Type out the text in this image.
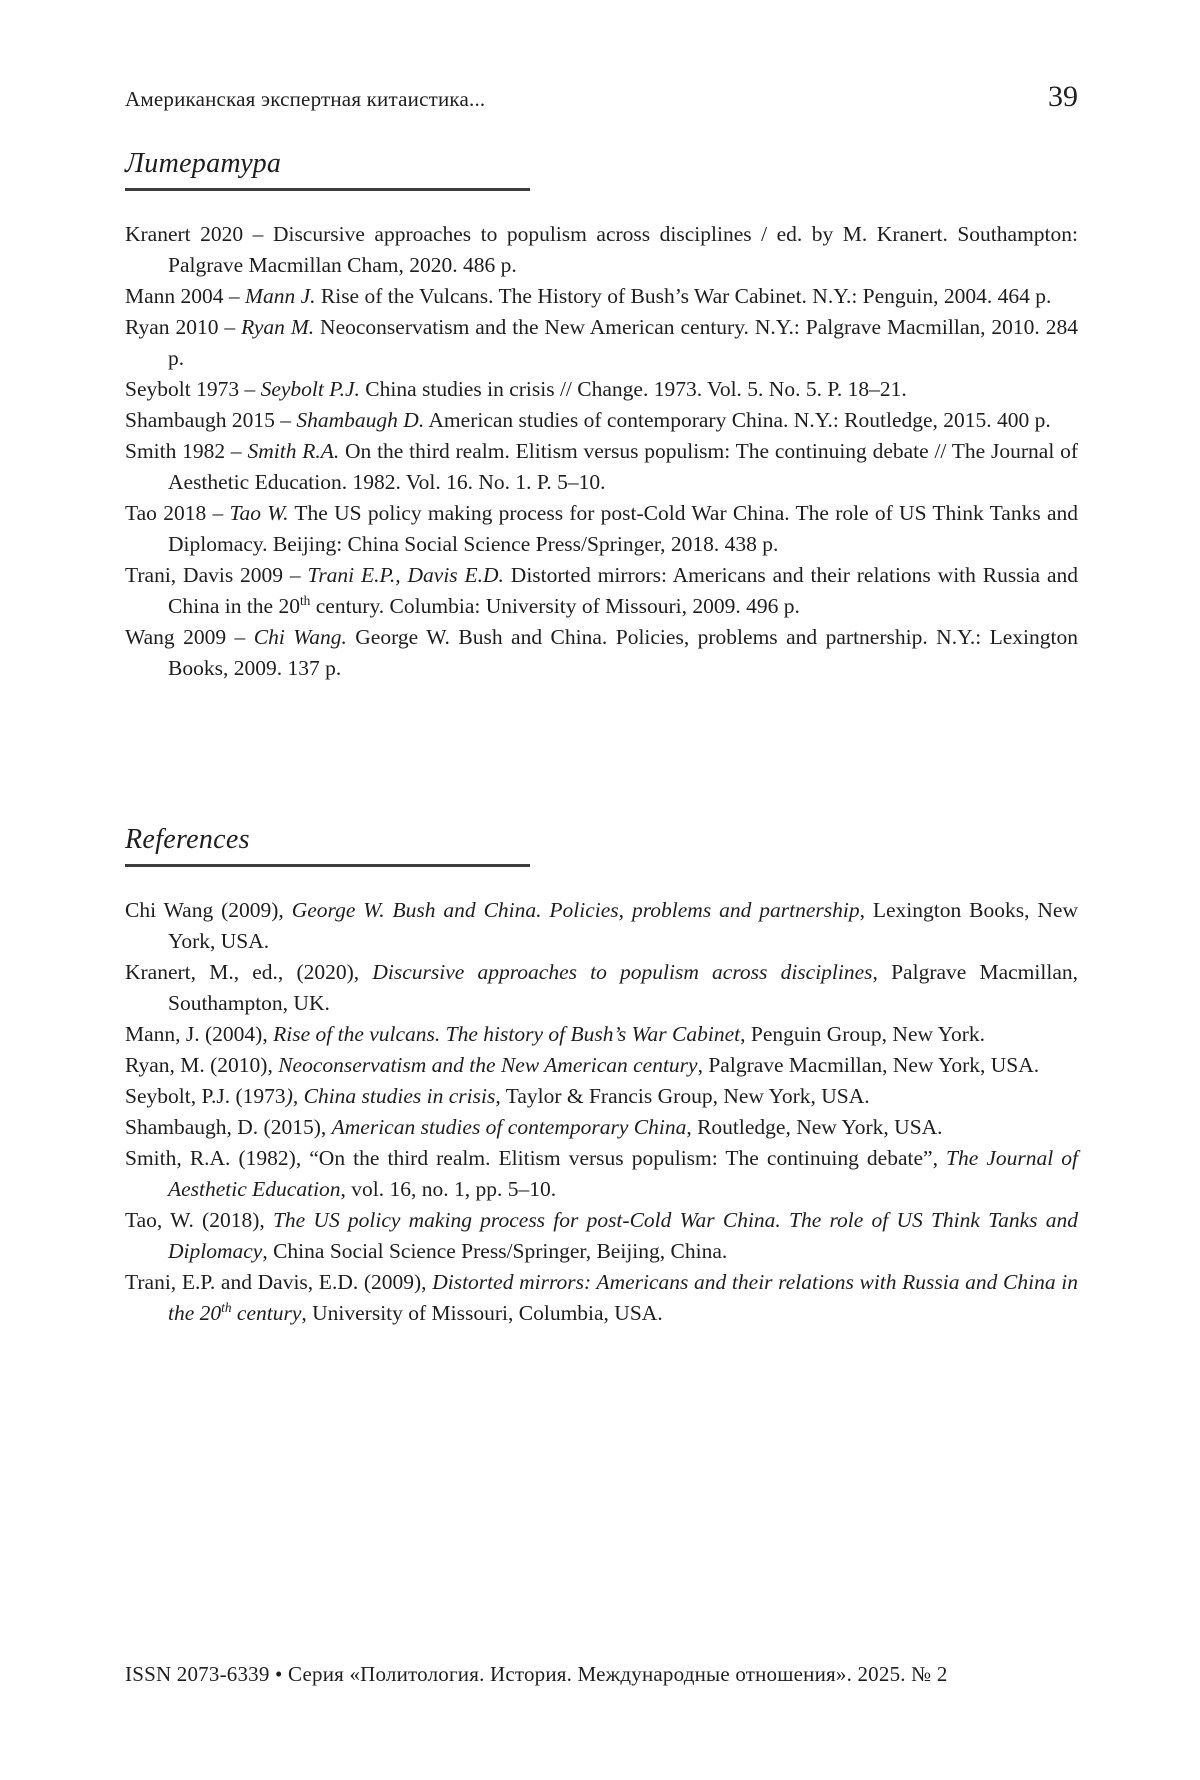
Американская экспертная китаистика...	39
Литература

Kranert 2020 – Discursive approaches to populism across disciplines / ed. by M. Kranert. Southampton: Palgrave Macmillan Cham, 2020. 486 p.

Mann 2004 – Mann J. Rise of the Vulcans. The History of Bush’s War Cabinet. N.Y.: Penguin, 2004. 464 p.

Ryan 2010 – Ryan M. Neoconservatism and the New American century. N.Y.: Palgrave Macmillan, 2010. 284 p.

Seybolt 1973 – Seybolt P.J. China studies in crisis // Change. 1973. Vol. 5. No. 5. P. 18–21.

Shambaugh 2015 – Shambaugh D. American studies of contemporary China. N.Y.: Routledge, 2015. 400 p.

Smith 1982 – Smith R.A. On the third realm. Elitism versus populism: The continuing debate // The Journal of Aesthetic Education. 1982. Vol. 16. No. 1. P. 5–10.

Tao 2018 – Tao W. The US policy making process for post-Cold War China. The role of US Think Tanks and Diplomacy. Beijing: China Social Science Press/Springer, 2018. 438 p.

Trani, Davis 2009 – Trani E.P., Davis E.D. Distorted mirrors: Americans and their relations with Russia and China in the 20th century. Columbia: University of Missouri, 2009. 496 p.

Wang 2009 – Chi Wang. George W. Bush and China. Policies, problems and partnership. N.Y.: Lexington Books, 2009. 137 p.

References

Chi Wang (2009), George W. Bush and China. Policies, problems and partnership, Lexington Books, New York, USA.

Kranert, M., ed., (2020), Discursive approaches to populism across disciplines, Palgrave Macmillan, Southampton, UK.

Mann, J. (2004), Rise of the vulcans. The history of Bush’s War Cabinet, Penguin Group, New York.

Ryan, M. (2010), Neoconservatism and the New American century, Palgrave Macmillan, New York, USA.

Seybolt, P.J. (1973), China studies in crisis, Taylor & Francis Group, New York, USA.

Shambaugh, D. (2015), American studies of contemporary China, Routledge, New York, USA.

Smith, R.A. (1982), “On the third realm. Elitism versus populism: The continuing debate”, The Journal of Aesthetic Education, vol. 16, no. 1, pp. 5–10.

Tao, W. (2018), The US policy making process for post-Cold War China. The role of US Think Tanks and Diplomacy, China Social Science Press/Springer, Beijing, China.

Trani, E.P. and Davis, E.D. (2009), Distorted mirrors: Americans and their relations with Russia and China in the 20th century, University of Missouri, Columbia, USA.

ISSN 2073-6339 • Серия «Политология. История. Международные отношения». 2025. № 2
